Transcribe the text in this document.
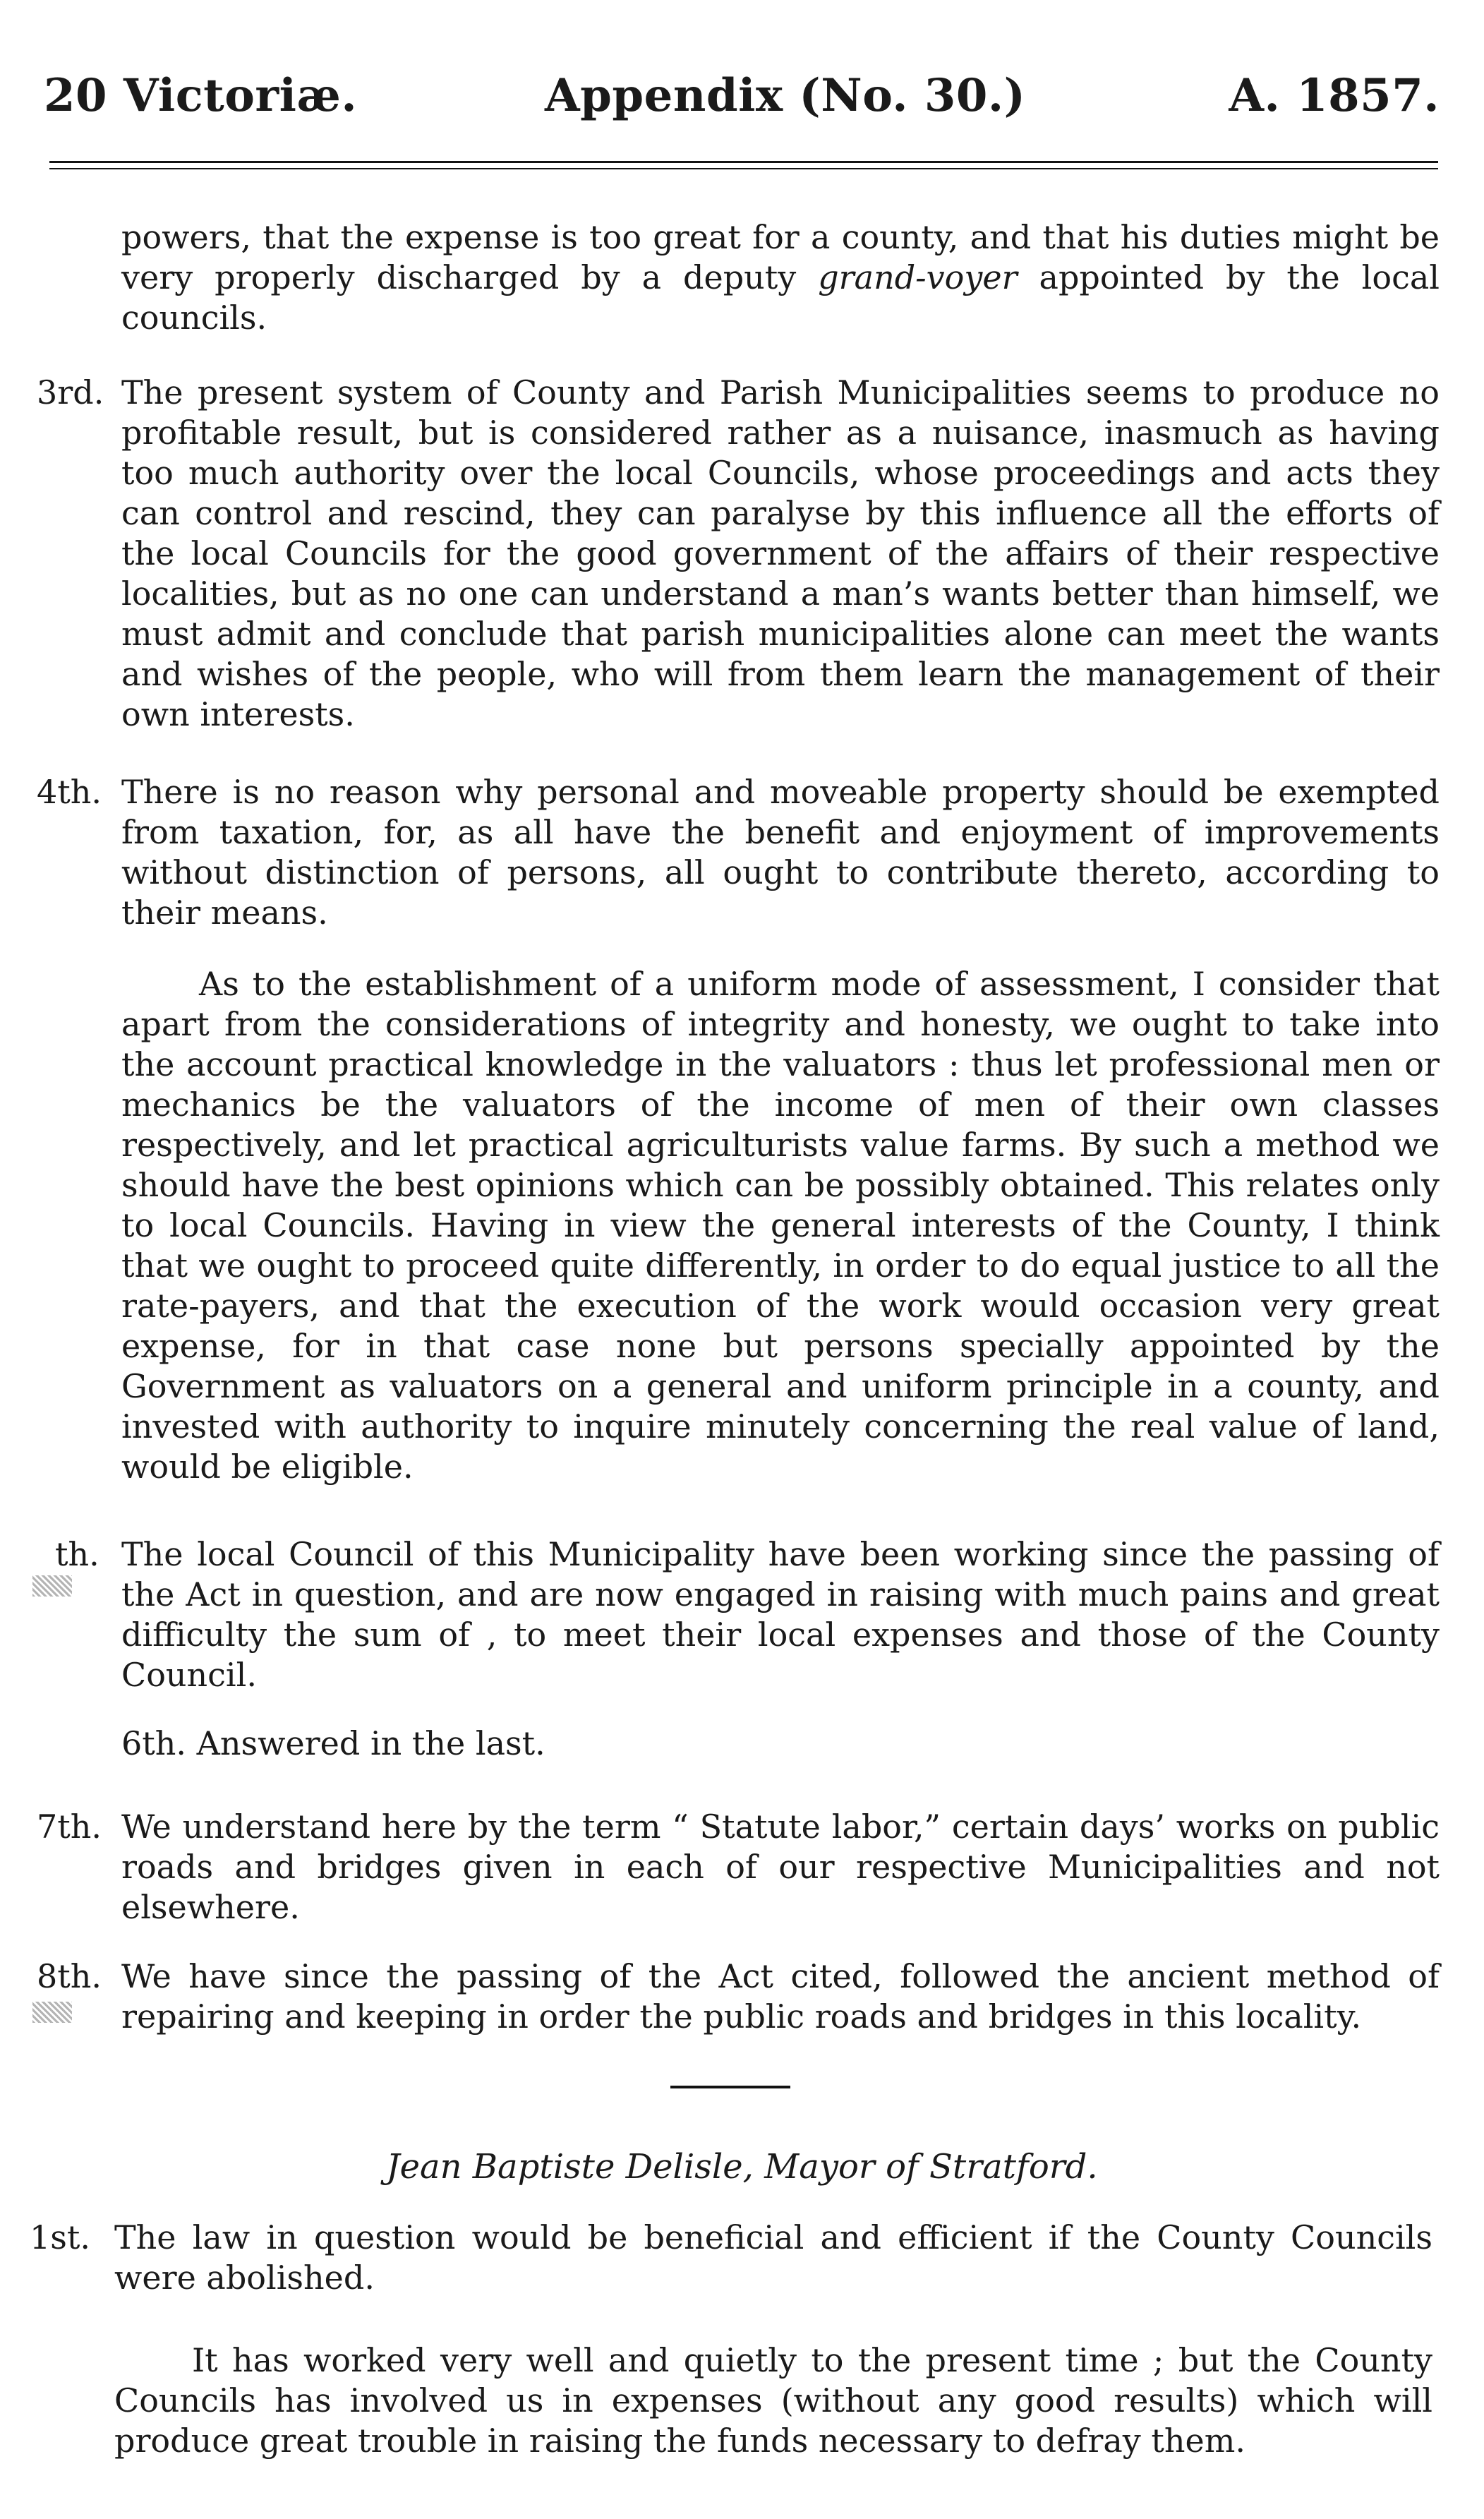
20 Victoriæ.	Appendix (No. 30.)	A. 1857.
powers, that the expense is too great for a county, and that his duties might be very properly discharged by a deputy grand-voyer appointed by the local councils.
3rd. The present system of County and Parish Municipalities seems to produce no profitable result, but is considered rather as a nuisance, inasmuch as having too much authority over the local Councils, whose proceedings and acts they can control and rescind, they can paralyse by this influence all the efforts of the local Councils for the good government of the affairs of their respective localities, but as no one can understand a man’s wants better than himself, we must admit and conclude that parish municipalities alone can meet the wants and wishes of the people, who will from them learn the management of their own interests.
4th. There is no reason why personal and moveable property should be exempted from taxation, for, as all have the benefit and enjoyment of improvements without distinction of persons, all ought to contribute thereto, according to their means.
As to the establishment of a uniform mode of assessment, I consider that apart from the considerations of integrity and honesty, we ought to take into the account practical knowledge in the valuators : thus let professional men or mechanics be the valuators of the income of men of their own classes respectively, and let practical agriculturists value farms. By such a method we should have the best opinions which can be possibly obtained. This relates only to local Councils. Having in view the general interests of the County, I think that we ought to proceed quite differently, in order to do equal justice to all the rate-payers, and that the execution of the work would occasion very great expense, for in that case none but persons specially appointed by the Government as valuators on a general and uniform principle in a county, and invested with authority to inquire minutely concerning the real value of land, would be eligible.
th. The local Council of this Municipality have been working since the passing of the Act in question, and are now engaged in raising with much pains and great difficulty the sum of , to meet their local expenses and those of the County Council.
6th. Answered in the last.
7th. We understand here by the term “ Statute labor,” certain days’ works on public roads and bridges given in each of our respective Municipalities and not elsewhere.
8th. We have since the passing of the Act cited, followed the ancient method of repairing and keeping in order the public roads and bridges in this locality.
Jean Baptiste Delisle, Mayor of Stratford.
1st. The law in question would be beneficial and efficient if the County Councils were abolished.
It has worked very well and quietly to the present time ; but the County Councils has involved us in expenses (without any good results) which will produce great trouble in raising the funds necessary to defray them.
